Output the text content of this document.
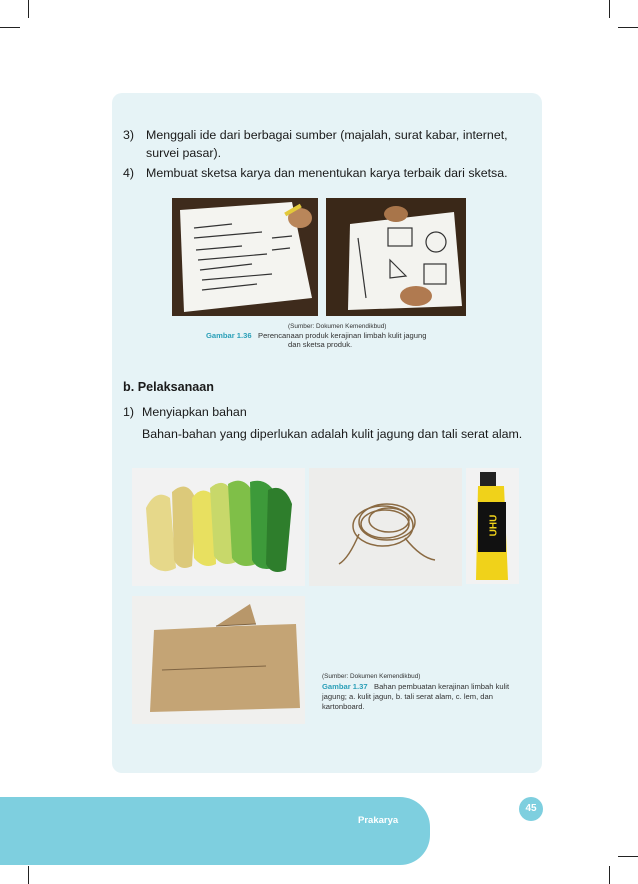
3) Menggali ide dari berbagai sumber (majalah, surat kabar, internet,
survei pasar).
4) Membuat sketsa karya dan menentukan karya terbaik dari sketsa.
(Sumber: Dokumen Kemendikbud)
Gambar 1.36 Perencanaan produk kerajinan limbah kulit jagung
dan sketsa produk.
b. Pelaksanaan
1) Menyiapkan bahan
Bahan-bahan yang diperlukan adalah kulit jagung dan tali serat alam.
UHU
(Sumber: Dokumen Kemendikbud)
Gambar 1.37 Bahan pembuatan kerajinan limbah kulit
jagung; a. kulit jagun, b. tali serat alam, c. lem, dan
kartonboard.
Prakarya
45
